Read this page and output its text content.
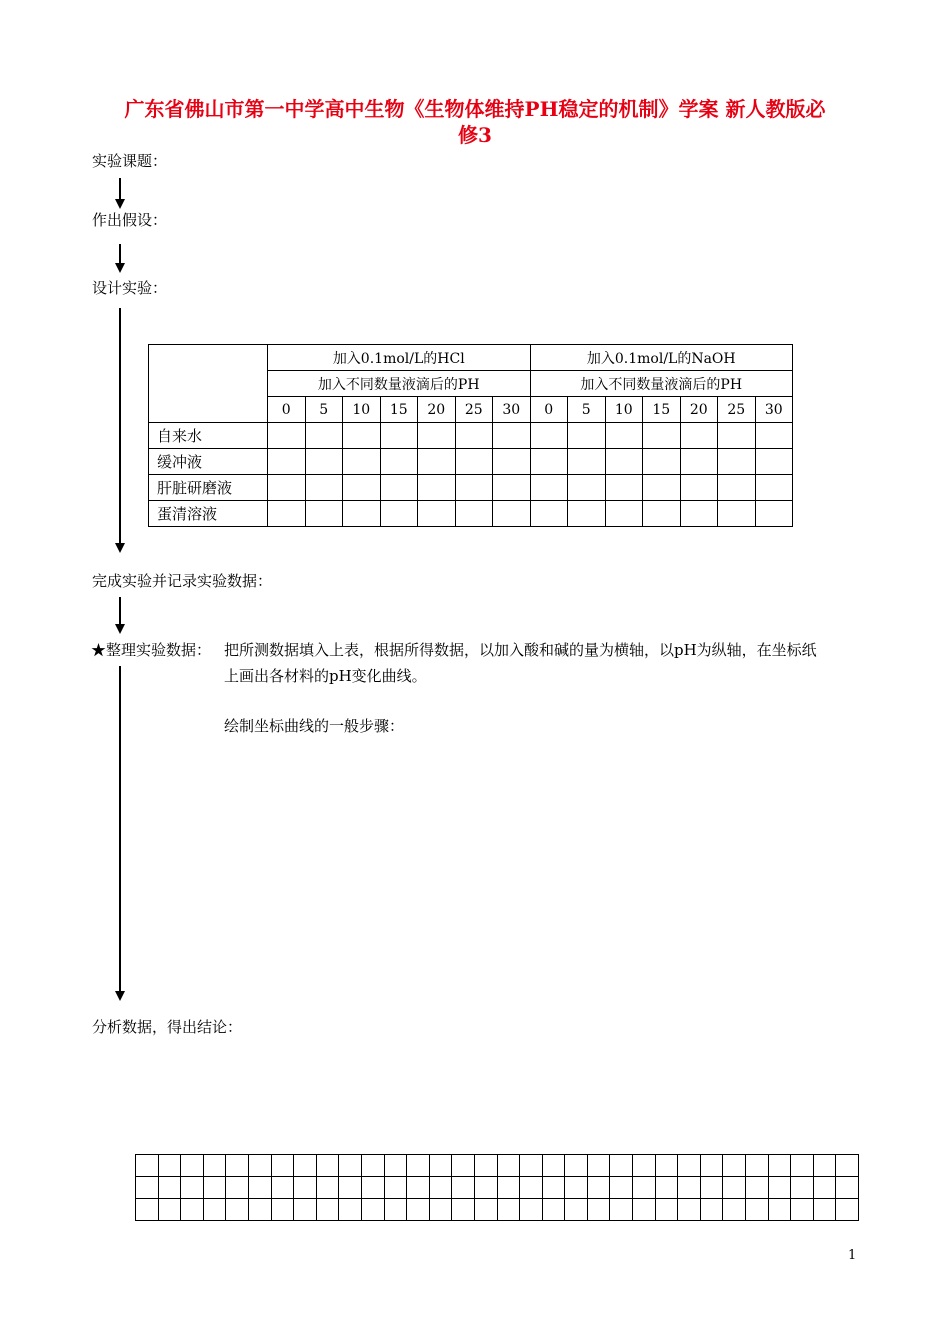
广东省佛山市第一中学高中生物《生物体维持PH稳定的机制》学案 新人教版必
修3
实验课题：
作出假设：
设计实验：
	加入0.1mol/L的HCl							加入0.1mol/L的NaOH						
	加入不同数量液滴后的PH							加入不同数量液滴后的PH						
	0	5	10	15	20	25	30	0	5	10	15	20	25	30
自来水														
缓冲液														
肝脏研磨液														
蛋清溶液														
完成实验并记录实验数据：
★整理实验数据： 把所测数据填入上表，根据所得数据，以加入酸和碱的量为横轴，以pH为纵轴，在坐标纸
上画出各材料的pH变化曲线。
绘制坐标曲线的一般步骤：
分析数据，得出结论：

1
